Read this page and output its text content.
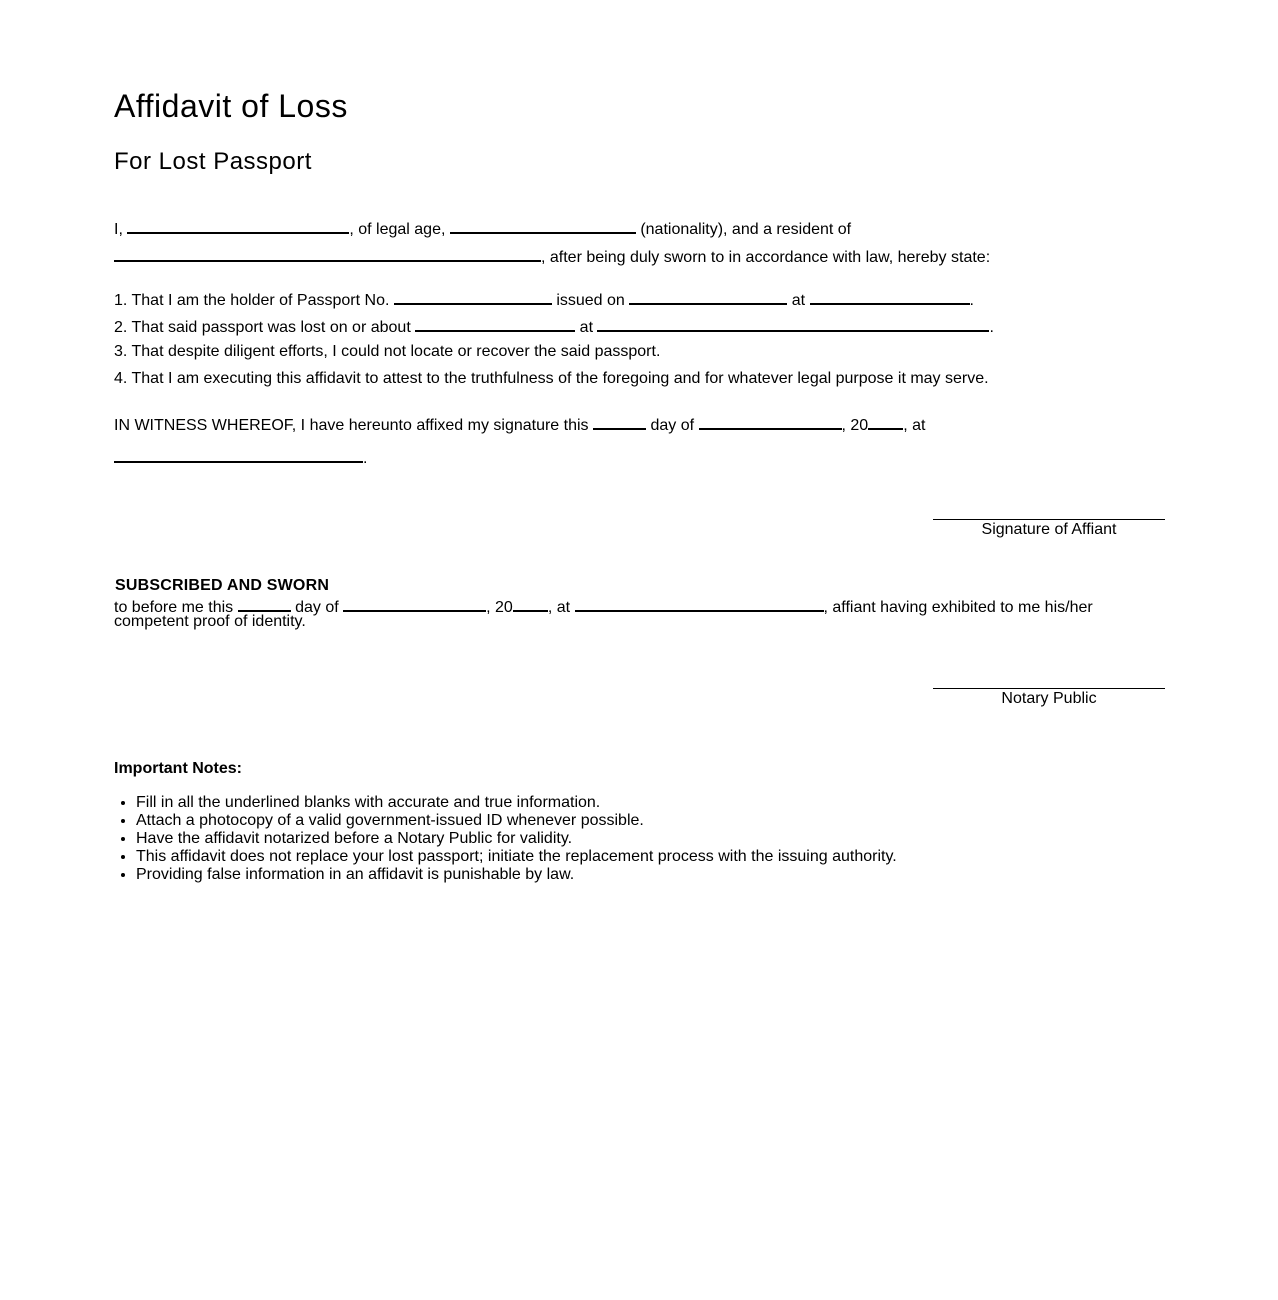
Affidavit of Loss
For Lost Passport
I,	, of legal age,	(nationality), and a resident of
, after being duly sworn to in accordance with law, hereby state:
1. That I am the holder of Passport No.	issued on	at	.
2. That said passport was lost on or about	at	.
3. That despite diligent efforts, I could not locate or recover the said passport.
4. That I am executing this affidavit to attest to the truthfulness of the foregoing and for whatever legal purpose it may serve.
IN WITNESS WHEREOF, I have hereunto affixed my signature this	day of	, 20 , at
.
Signature of Affiant
SUBSCRIBED AND SWORN
to before me this	day of	, 20 , at	, affiant having exhibited to me his/her
competent proof of identity.
Notary Public
Important Notes:
• Fill in all the underlined blanks with accurate and true information.
• Attach a photocopy of a valid government-issued ID whenever possible.
• Have the affidavit notarized before a Notary Public for validity.
• This affidavit does not replace your lost passport; initiate the replacement process with the issuing authority.
• Providing false information in an affidavit is punishable by law.
